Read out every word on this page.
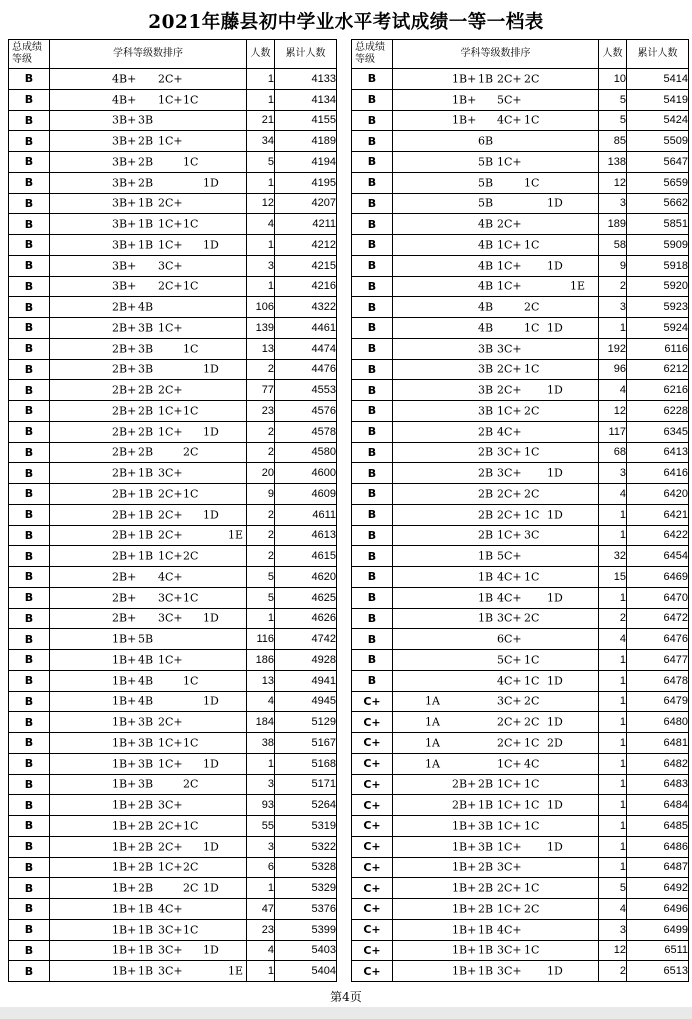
2021年藤县初中学业水平考试成绩一等一档表
总成绩
等级	学科等级数排序	人数	累计人数
B	4B+ 2C+	1	4133
B	4B+ 1C+ 1C	1	4134
B	3B+ 3B	21	4155
B	3B+ 2B 1C+	34	4189
B	3B+ 2B 1C	5	4194
B	3B+ 2B 1D	1	4195
B	3B+ 1B 2C+	12	4207
B	3B+ 1B 1C+ 1C	4	4211
B	3B+ 1B 1C+ 1D	1	4212
B	3B+ 3C+	3	4215
B	3B+ 2C+ 1C	1	4216
B	2B+ 4B	106	4322
B	2B+ 3B 1C+	139	4461
B	2B+ 3B 1C	13	4474
B	2B+ 3B 1D	2	4476
B	2B+ 2B 2C+	77	4553
B	2B+ 2B 1C+ 1C	23	4576
B	2B+ 2B 1C+ 1D	2	4578
B	2B+ 2B 2C	2	4580
B	2B+ 1B 3C+	20	4600
B	2B+ 1B 2C+ 1C	9	4609
B	2B+ 1B 2C+ 1D	2	4611
B	2B+ 1B 2C+ 1E	2	4613
B	2B+ 1B 1C+ 2C	2	4615
B	2B+ 4C+	5	4620
B	2B+ 3C+ 1C	5	4625
B	2B+ 3C+ 1D	1	4626
B	1B+ 5B	116	4742
B	1B+ 4B 1C+	186	4928
B	1B+ 4B 1C	13	4941
B	1B+ 4B 1D	4	4945
B	1B+ 3B 2C+	184	5129
B	1B+ 3B 1C+ 1C	38	5167
B	1B+ 3B 1C+ 1D	1	5168
B	1B+ 3B 2C	3	5171
B	1B+ 2B 3C+	93	5264
B	1B+ 2B 2C+ 1C	55	5319
B	1B+ 2B 2C+ 1D	3	5322
B	1B+ 2B 1C+ 2C	6	5328
B	1B+ 2B 2C 1D	1	5329
B	1B+ 1B 4C+	47	5376
B	1B+ 1B 3C+ 1C	23	5399
B	1B+ 1B 3C+ 1D	4	5403
B	1B+ 1B 3C+ 1E	1	5404
总成绩
等级	学科等级数排序	人数	累计人数
B	1B+ 1B 2C+ 2C	10	5414
B	1B+ 5C+	5	5419
B	1B+ 4C+ 1C	5	5424
B	6B	85	5509
B	5B 1C+	138	5647
B	5B 1C	12	5659
B	5B 1D	3	5662
B	4B 2C+	189	5851
B	4B 1C+ 1C	58	5909
B	4B 1C+ 1D	9	5918
B	4B 1C+ 1E	2	5920
B	4B 2C	3	5923
B	4B 1C 1D	1	5924
B	3B 3C+	192	6116
B	3B 2C+ 1C	96	6212
B	3B 2C+ 1D	4	6216
B	3B 1C+ 2C	12	6228
B	2B 4C+	117	6345
B	2B 3C+ 1C	68	6413
B	2B 3C+ 1D	3	6416
B	2B 2C+ 2C	4	6420
B	2B 2C+ 1C 1D	1	6421
B	2B 1C+ 3C	1	6422
B	1B 5C+	32	6454
B	1B 4C+ 1C	15	6469
B	1B 4C+ 1D	1	6470
B	1B 3C+ 2C	2	6472
B	6C+	4	6476
B	5C+ 1C	1	6477
B	4C+ 1C 1D	1	6478
C+	1A 3C+ 2C	1	6479
C+	1A 2C+ 2C 1D	1	6480
C+	1A 2C+ 1C 2D	1	6481
C+	1A 1C+ 4C	1	6482
C+	2B+ 2B 1C+ 1C	1	6483
C+	2B+ 1B 1C+ 1C 1D	1	6484
C+	1B+ 3B 1C+ 1C	1	6485
C+	1B+ 3B 1C+ 1D	1	6486
C+	1B+ 2B 3C+	1	6487
C+	1B+ 2B 2C+ 1C	5	6492
C+	1B+ 2B 1C+ 2C	4	6496
C+	1B+ 1B 4C+	3	6499
C+	1B+ 1B 3C+ 1C	12	6511
C+	1B+ 1B 3C+ 1D	2	6513
第4页
